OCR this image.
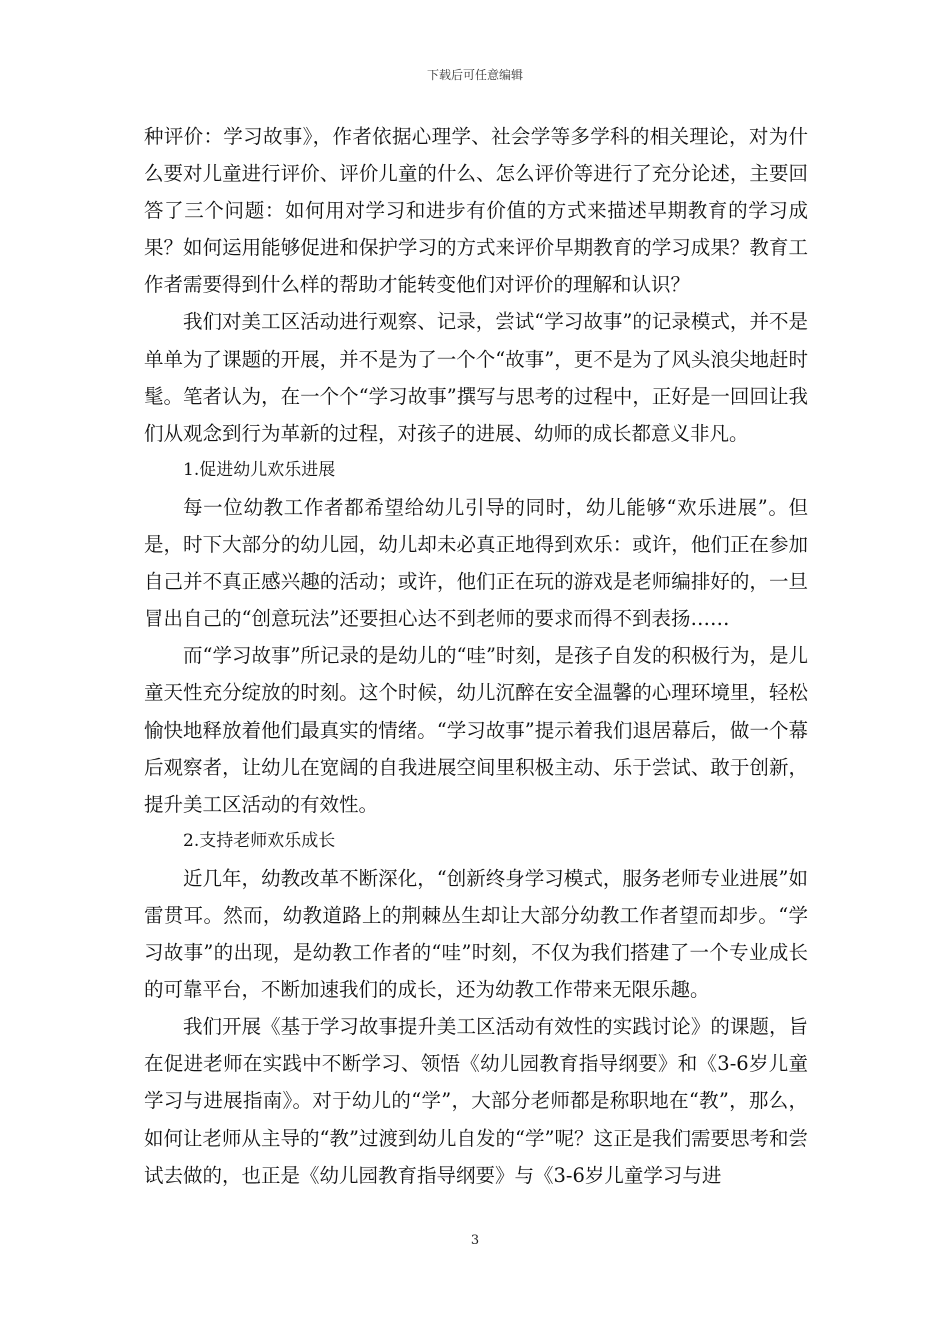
下载后可任意编辑

种评价：学习故事》，作者依据心理学、社会学等多学科的相关理论，对为什么要对儿童进行评价、评价儿童的什么、怎么评价等进行了充分论述，主要回答了三个问题：如何用对学习和进步有价值的方式来描述早期教育的学习成果？如何运用能够促进和保护学习的方式来评价早期教育的学习成果？教育工作者需要得到什么样的帮助才能转变他们对评价的理解和认识？

我们对美工区活动进行观察、记录，尝试“学习故事”的记录模式，并不是单单为了课题的开展，并不是为了一个个“故事”，更不是为了风头浪尖地赶时髦。笔者认为，在一个个“学习故事”撰写与思考的过程中，正好是一回回让我们从观念到行为革新的过程，对孩子的进展、幼师的成长都意义非凡。

1.促进幼儿欢乐进展

每一位幼教工作者都希望给幼儿引导的同时，幼儿能够“欢乐进展”。但是，时下大部分的幼儿园，幼儿却未必真正地得到欢乐：或许，他们正在参加自己并不真正感兴趣的活动；或许，他们正在玩的游戏是老师编排好的，一旦冒出自己的“创意玩法”还要担心达不到老师的要求而得不到表扬……

而“学习故事”所记录的是幼儿的“哇”时刻，是孩子自发的积极行为，是儿童天性充分绽放的时刻。这个时候，幼儿沉醉在安全温馨的心理环境里，轻松愉快地释放着他们最真实的情绪。“学习故事”提示着我们退居幕后，做一个幕后观察者，让幼儿在宽阔的自我进展空间里积极主动、乐于尝试、敢于创新，提升美工区活动的有效性。

2.支持老师欢乐成长

近几年，幼教改革不断深化，“创新终身学习模式，服务老师专业进展”如雷贯耳。然而，幼教道路上的荆棘丛生却让大部分幼教工作者望而却步。“学习故事”的出现，是幼教工作者的“哇”时刻，不仅为我们搭建了一个专业成长的可靠平台，不断加速我们的成长，还为幼教工作带来无限乐趣。

我们开展《基于学习故事提升美工区活动有效性的实践讨论》的课题，旨在促进老师在实践中不断学习、领悟《幼儿园教育指导纲要》和《3-6岁儿童学习与进展指南》。对于幼儿的“学”，大部分老师都是称职地在“教”，那么，如何让老师从主导的“教”过渡到幼儿自发的“学”呢？这正是我们需要思考和尝试去做的，也正是《幼儿园教育指导纲要》与《3-6岁儿童学习与进

3
